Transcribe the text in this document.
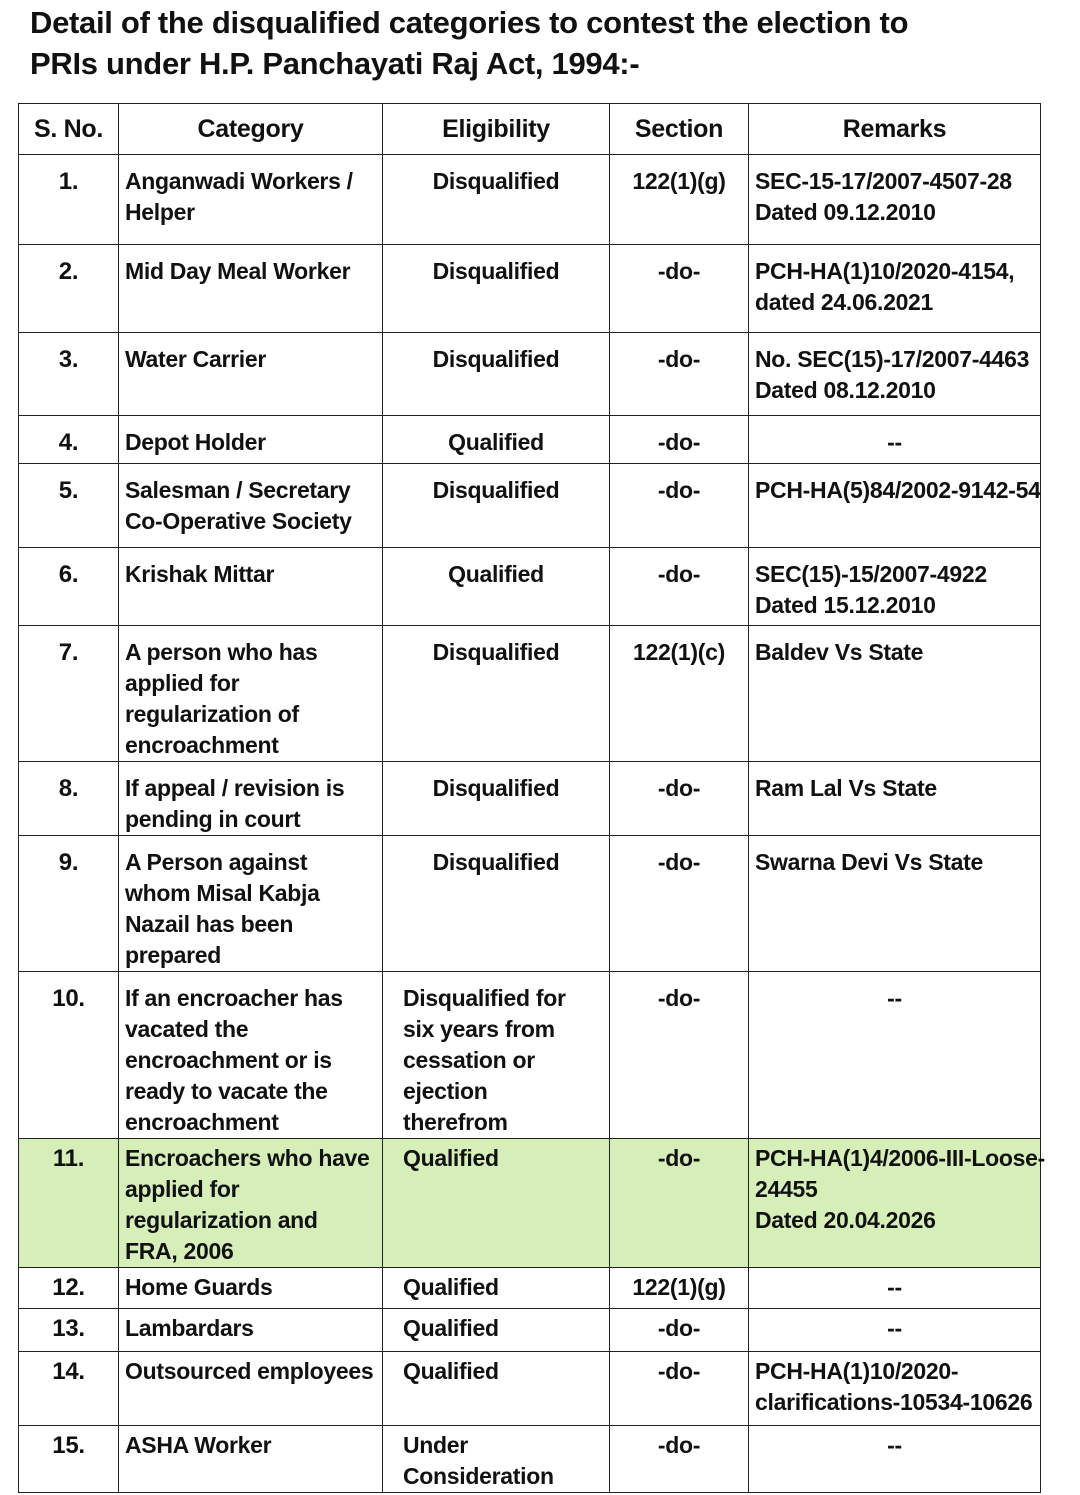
Detail of the disqualified categories to contest the election to
PRIs under H.P. Panchayati Raj Act, 1994:-
S. No.	Category	Eligibility	Section	Remarks
1.	Anganwadi Workers /
Helper	Disqualified	122(1)(g)	SEC-15-17/2007-4507-28
Dated 09.12.2010

2.	Mid Day Meal Worker	Disqualified	-do-	PCH-HA(1)10/2020-4154,
dated 24.06.2021

3.	Water Carrier	Disqualified	-do-	No. SEC(15)-17/2007-4463
Dated 08.12.2010

4.	Depot Holder	Qualified	-do-	--

5.	Salesman / Secretary
Co-Operative Society	Disqualified	-do-	PCH-HA(5)84/2002-9142-54

6.	Krishak Mittar	Qualified	-do-	SEC(15)-15/2007-4922
Dated 15.12.2010

7.	A person who has
applied for
regularization of
encroachment	Disqualified	122(1)(c)	Baldev Vs State

8.	If appeal / revision is
pending in court	Disqualified	-do-	Ram Lal Vs State

9.	A Person against
whom Misal Kabja
Nazail has been
prepared	Disqualified	-do-	Swarna Devi Vs State

10.	If an encroacher has
vacated the
encroachment or is
ready to vacate the
encroachment	Disqualified for
six years from
cessation or
ejection
therefrom	-do-	--

11.	Encroachers who have
applied for
regularization and
FRA, 2006	Qualified	-do-	PCH-HA(1)4/2006-III-Loose-
24455
Dated 20.04.2026

12.	Home Guards	Qualified	122(1)(g)	--

13.	Lambardars	Qualified	-do-	--

14.	Outsourced employees	Qualified	-do-	PCH-HA(1)10/2020-
clarifications-10534-10626

15.	ASHA Worker	Under
Consideration	-do-	--
